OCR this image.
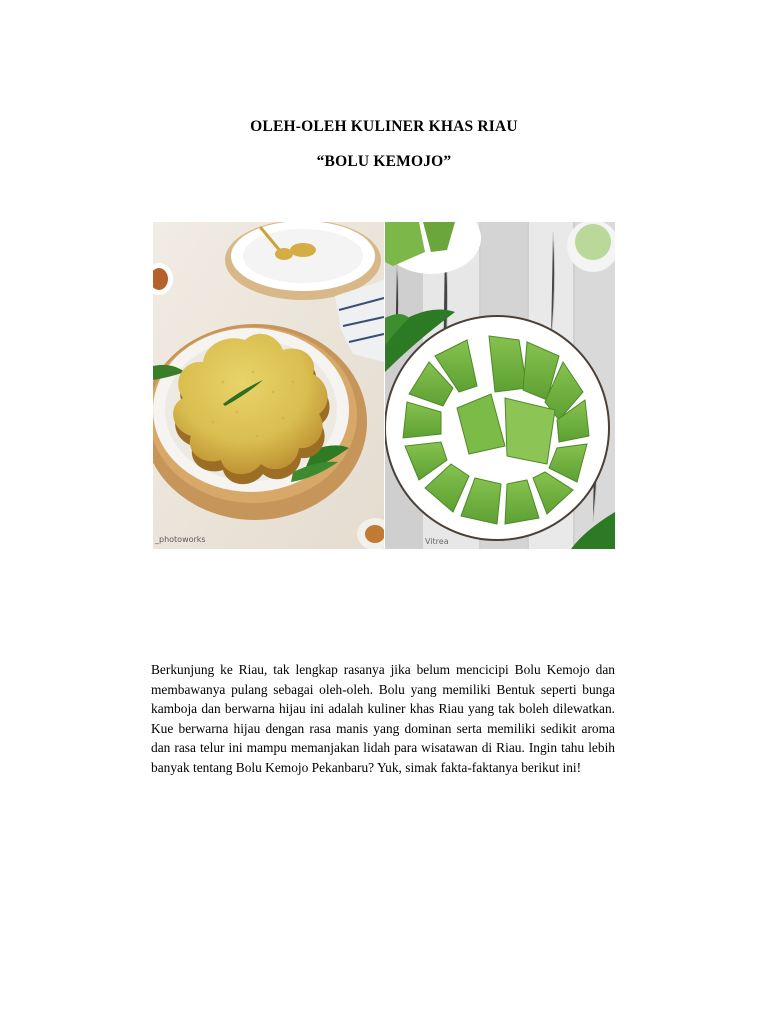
OLEH-OLEH KULINER KHAS RIAU
“BOLU KEMOJO”
_photoworks	Vitrea

Berkunjung ke Riau, tak lengkap rasanya jika belum mencicipi Bolu Kemojo dan membawanya pulang sebagai oleh-oleh. Bolu yang memiliki Bentuk seperti bunga kamboja dan berwarna hijau ini adalah kuliner khas Riau yang tak boleh dilewatkan. Kue berwarna hijau dengan rasa manis yang dominan serta memiliki sedikit aroma dan rasa telur ini mampu memanjakan lidah para wisatawan di Riau. Ingin tahu lebih banyak tentang Bolu Kemojo Pekanbaru? Yuk, simak fakta-faktanya berikut ini!
